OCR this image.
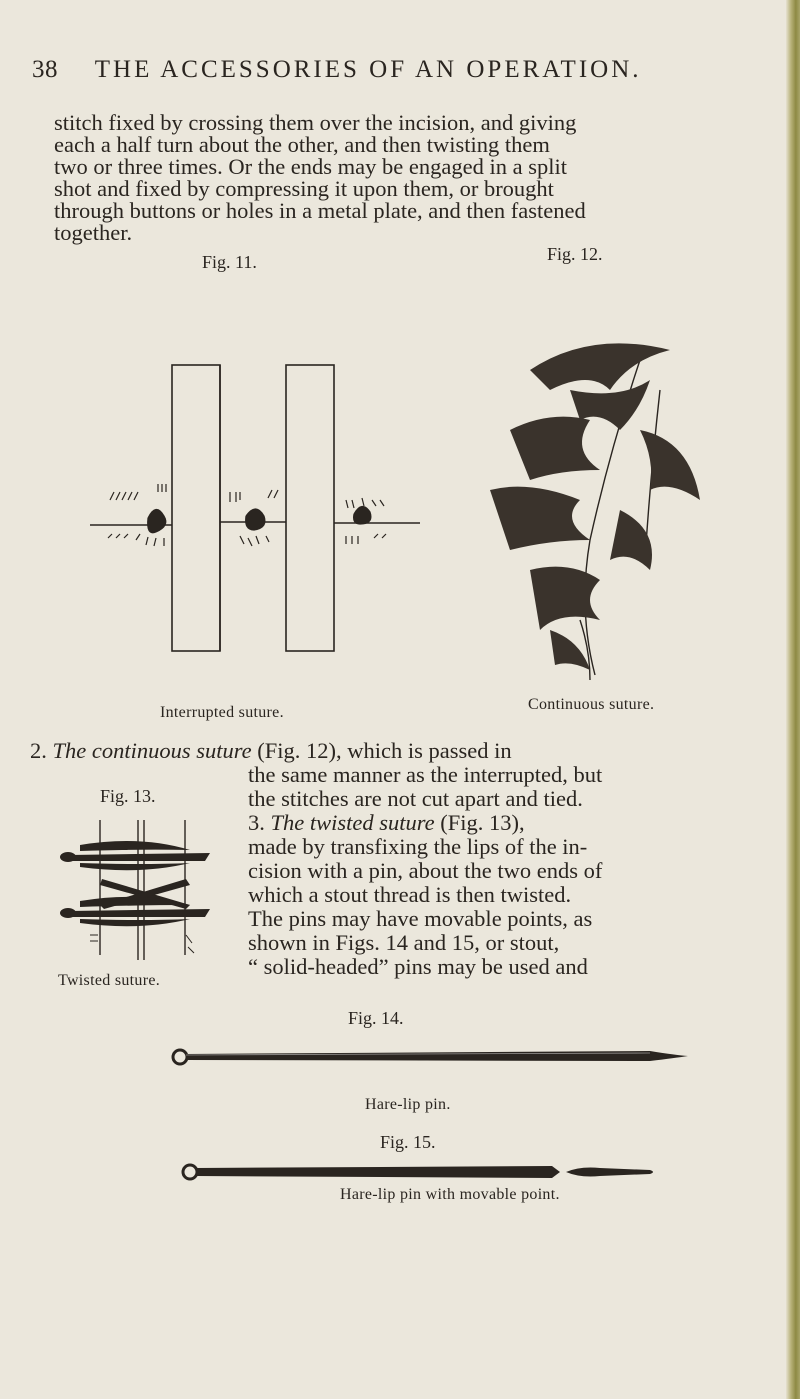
38 THE ACCESSORIES OF AN OPERATION.
stitch fixed by crossing them over the incision, and giving
each a half turn about the other, and then twisting them
two or three times. Or the ends may be engaged in a split
shot and fixed by compressing it upon them, or brought
through buttons or holes in a metal plate, and then fastened
together.
Fig. 11.	Fig. 12.
Interrupted suture.	Continuous suture.
2. The continuous suture (Fig. 12), which is passed in
the same manner as the interrupted, but
the stitches are not cut apart and tied.
3. The twisted suture (Fig. 13),
made by transfixing the lips of the in-
cision with a pin, about the two ends of
which a stout thread is then twisted.
The pins may have movable points, as
shown in Figs. 14 and 15, or stout,
“ solid-headed” pins may be used and
Fig. 13.
Twisted suture.
Fig. 14.
Hare-lip pin.
Fig. 15.
Hare-lip pin with movable point.
